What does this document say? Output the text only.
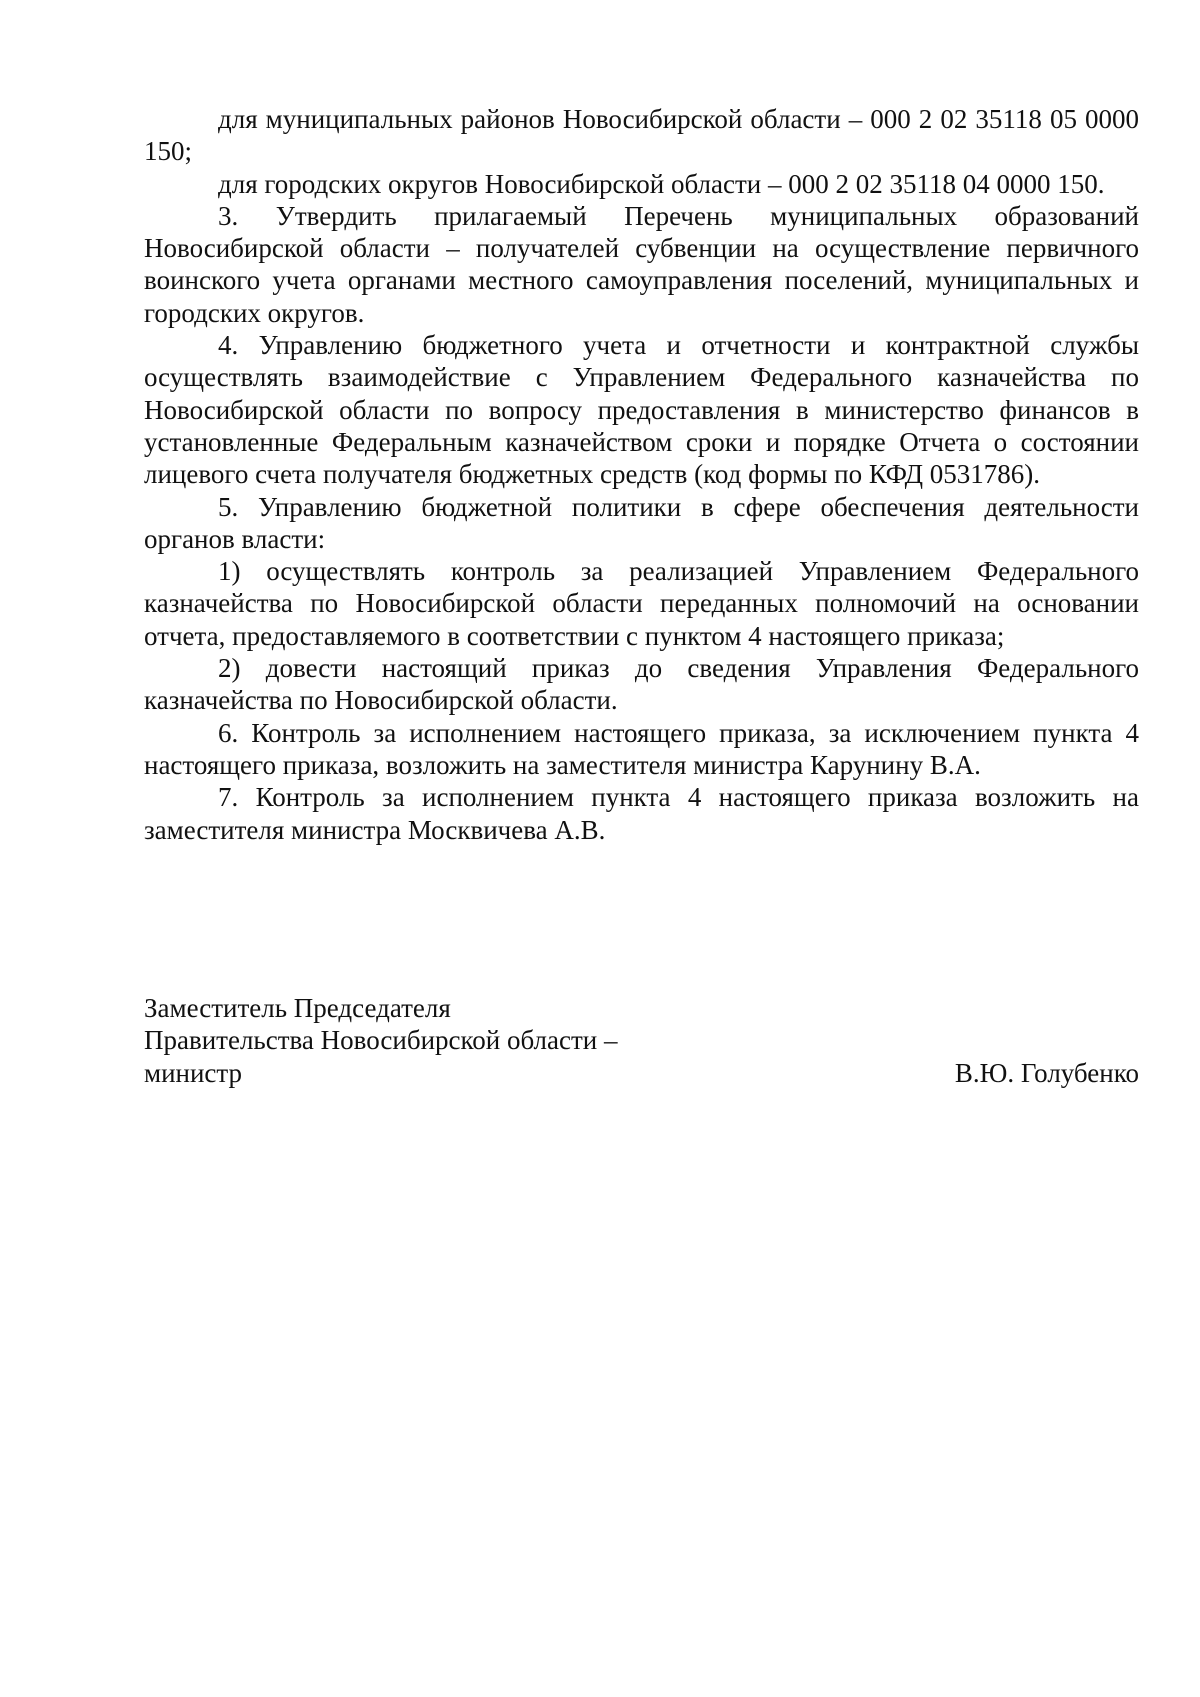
для муниципальных районов Новосибирской области – 000 2 02 35118 05 0000 150;

для городских округов Новосибирской области – 000 2 02 35118 04 0000 150.

3. Утвердить прилагаемый Перечень муниципальных образований Новосибирской области – получателей субвенции на осуществление первичного воинского учета органами местного самоуправления поселений, муниципальных и городских округов.

4. Управлению бюджетного учета и отчетности и контрактной службы осуществлять взаимодействие с Управлением Федерального казначейства по Новосибирской области по вопросу предоставления в министерство финансов в установленные Федеральным казначейством сроки и порядке Отчета о состоянии лицевого счета получателя бюджетных средств (код формы по КФД 0531786).

5. Управлению бюджетной политики в сфере обеспечения деятельности органов власти:

1) осуществлять контроль за реализацией Управлением Федерального казначейства по Новосибирской области переданных полномочий на основании отчета, предоставляемого в соответствии с пунктом 4 настоящего приказа;

2) довести настоящий приказ до сведения Управления Федерального казначейства по Новосибирской области.

6. Контроль за исполнением настоящего приказа, за исключением пункта 4 настоящего приказа, возложить на заместителя министра Карунину В.А.

7. Контроль за исполнением пункта 4 настоящего приказа возложить на заместителя министра Москвичева А.В.

Заместитель Председателя
Правительства Новосибирской области –
министр	В.Ю. Голубенко
